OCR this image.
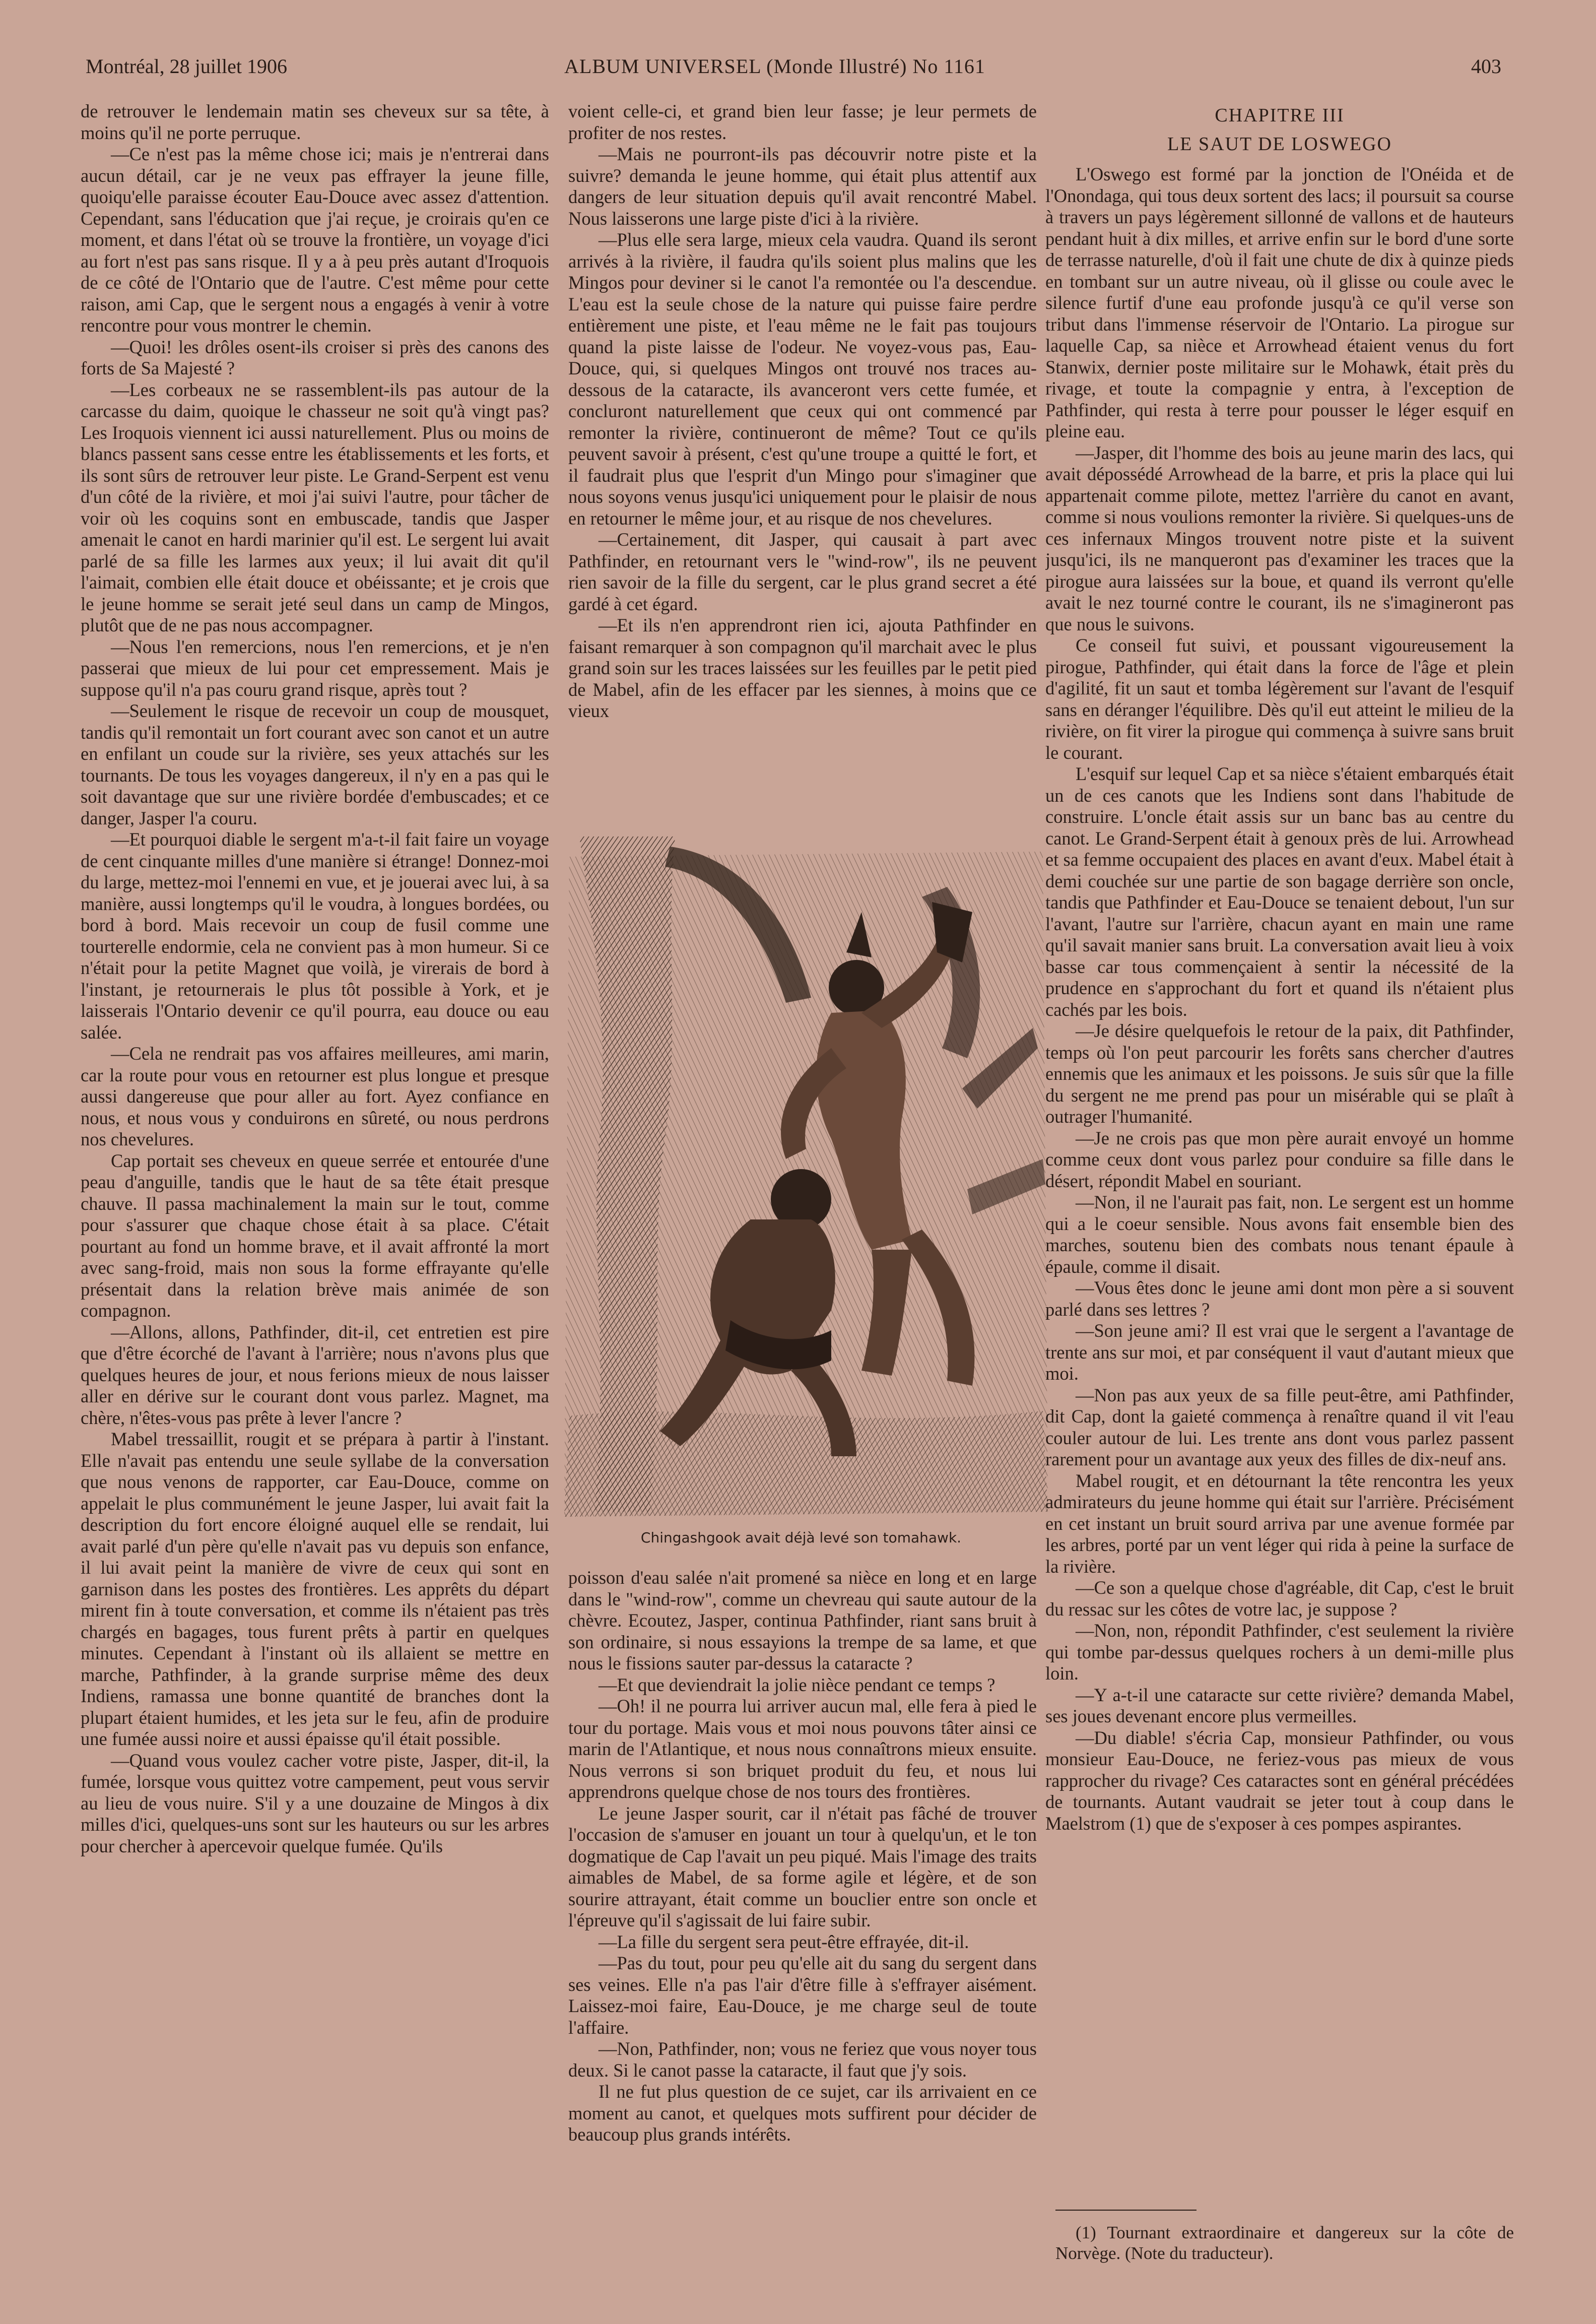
Montréal, 28 juillet 1906	ALBUM UNIVERSEL (Monde Illustré) No 1161	403

de retrouver le lendemain matin ses cheveux sur sa tête, à moins qu'il ne porte perruque.

—Ce n'est pas la même chose ici; mais je n'entrerai dans aucun détail, car je ne veux pas effrayer la jeune fille, quoiqu'elle paraisse écouter Eau-Douce avec assez d'attention. Cependant, sans l'éducation que j'ai reçue, je croirais qu'en ce moment, et dans l'état où se trouve la frontière, un voyage d'ici au fort n'est pas sans risque. Il y a à peu près autant d'Iroquois de ce côté de l'Ontario que de l'autre. C'est même pour cette raison, ami Cap, que le sergent nous a engagés à venir à votre rencontre pour vous montrer le chemin.

—Quoi! les drôles osent-ils croiser si près des canons des forts de Sa Majesté ?

—Les corbeaux ne se rassemblent-ils pas autour de la carcasse du daim, quoique le chasseur ne soit qu'à vingt pas? Les Iroquois viennent ici aussi naturellement. Plus ou moins de blancs passent sans cesse entre les établissements et les forts, et ils sont sûrs de retrouver leur piste. Le Grand-Serpent est venu d'un côté de la rivière, et moi j'ai suivi l'autre, pour tâcher de voir où les coquins sont en embuscade, tandis que Jasper amenait le canot en hardi marinier qu'il est. Le sergent lui avait parlé de sa fille les larmes aux yeux; il lui avait dit qu'il l'aimait, combien elle était douce et obéissante; et je crois que le jeune homme se serait jeté seul dans un camp de Mingos, plutôt que de ne pas nous accompagner.

—Nous l'en remercions, nous l'en remercions, et je n'en passerai que mieux de lui pour cet empressement. Mais je suppose qu'il n'a pas couru grand risque, après tout ?

—Seulement le risque de recevoir un coup de mousquet, tandis qu'il remontait un fort courant avec son canot et un autre en enfilant un coude sur la rivière, ses yeux attachés sur les tournants. De tous les voyages dangereux, il n'y en a pas qui le soit davantage que sur une rivière bordée d'embuscades; et ce danger, Jasper l'a couru.

—Et pourquoi diable le sergent m'a-t-il fait faire un voyage de cent cinquante milles d'une manière si étrange! Donnez-moi du large, mettez-moi l'ennemi en vue, et je jouerai avec lui, à sa manière, aussi longtemps qu'il le voudra, à longues bordées, ou bord à bord. Mais recevoir un coup de fusil comme une tourterelle endormie, cela ne convient pas à mon humeur. Si ce n'était pour la petite Magnet que voilà, je virerais de bord à l'instant, je retournerais le plus tôt possible à York, et je laisserais l'Ontario devenir ce qu'il pourra, eau douce ou eau salée.

—Cela ne rendrait pas vos affaires meilleures, ami marin, car la route pour vous en retourner est plus longue et presque aussi dangereuse que pour aller au fort. Ayez confiance en nous, et nous vous y conduirons en sûreté, ou nous perdrons nos chevelures.

Cap portait ses cheveux en queue serrée et entourée d'une peau d'anguille, tandis que le haut de sa tête était presque chauve. Il passa machinalement la main sur le tout, comme pour s'assurer que chaque chose était à sa place. C'était pourtant au fond un homme brave, et il avait affronté la mort avec sang-froid, mais non sous la forme effrayante qu'elle présentait dans la relation brève mais animée de son compagnon.

—Allons, allons, Pathfinder, dit-il, cet entretien est pire que d'être écorché de l'avant à l'arrière; nous n'avons plus que quelques heures de jour, et nous ferions mieux de nous laisser aller en dérive sur le courant dont vous parlez. Magnet, ma chère, n'êtes-vous pas prête à lever l'ancre ?

Mabel tressaillit, rougit et se prépara à partir à l'instant. Elle n'avait pas entendu une seule syllabe de la conversation que nous venons de rapporter, car Eau-Douce, comme on appelait le plus communément le jeune Jasper, lui avait fait la description du fort encore éloigné auquel elle se rendait, lui avait parlé d'un père qu'elle n'avait pas vu depuis son enfance, il lui avait peint la manière de vivre de ceux qui sont en garnison dans les postes des frontières. Les apprêts du départ mirent fin à toute conversation, et comme ils n'étaient pas très chargés en bagages, tous furent prêts à partir en quelques minutes. Cependant à l'instant où ils allaient se mettre en marche, Pathfinder, à la grande surprise même des deux Indiens, ramassa une bonne quantité de branches dont la plupart étaient humides, et les jeta sur le feu, afin de produire une fumée aussi noire et aussi épaisse qu'il était possible.

—Quand vous voulez cacher votre piste, Jasper, dit-il, la fumée, lorsque vous quittez votre campement, peut vous servir au lieu de vous nuire. S'il y a une douzaine de Mingos à dix milles d'ici, quelques-uns sont sur les hauteurs ou sur les arbres pour chercher à apercevoir quelque fumée. Qu'ils

voient celle-ci, et grand bien leur fasse; je leur permets de profiter de nos restes.

—Mais ne pourront-ils pas découvrir notre piste et la suivre? demanda le jeune homme, qui était plus attentif aux dangers de leur situation depuis qu'il avait rencontré Mabel. Nous laisserons une large piste d'ici à la rivière.

—Plus elle sera large, mieux cela vaudra. Quand ils seront arrivés à la rivière, il faudra qu'ils soient plus malins que les Mingos pour deviner si le canot l'a remontée ou l'a descendue. L'eau est la seule chose de la nature qui puisse faire perdre entièrement une piste, et l'eau même ne le fait pas toujours quand la piste laisse de l'odeur. Ne voyez-vous pas, Eau-Douce, qui, si quelques Mingos ont trouvé nos traces au-dessous de la cataracte, ils avanceront vers cette fumée, et concluront naturellement que ceux qui ont commencé par remonter la rivière, continueront de même? Tout ce qu'ils peuvent savoir à présent, c'est qu'une troupe a quitté le fort, et il faudrait plus que l'esprit d'un Mingo pour s'imaginer que nous soyons venus jusqu'ici uniquement pour le plaisir de nous en retourner le même jour, et au risque de nos chevelures.

—Certainement, dit Jasper, qui causait à part avec Pathfinder, en retournant vers le "wind-row", ils ne peuvent rien savoir de la fille du sergent, car le plus grand secret a été gardé à cet égard.

—Et ils n'en apprendront rien ici, ajouta Pathfinder en faisant remarquer à son compagnon qu'il marchait avec le plus grand soin sur les traces laissées sur les feuilles par le petit pied de Mabel, afin de les effacer par les siennes, à moins que ce vieux

Chingashgook avait déjà levé son tomahawk.

poisson d'eau salée n'ait promené sa nièce en long et en large dans le "wind-row", comme un chevreau qui saute autour de la chèvre. Ecoutez, Jasper, continua Pathfinder, riant sans bruit à son ordinaire, si nous essayions la trempe de sa lame, et que nous le fissions sauter par-dessus la cataracte ?

—Et que deviendrait la jolie nièce pendant ce temps ?

—Oh! il ne pourra lui arriver aucun mal, elle fera à pied le tour du portage. Mais vous et moi nous pouvons tâter ainsi ce marin de l'Atlantique, et nous nous connaîtrons mieux ensuite. Nous verrons si son briquet produit du feu, et nous lui apprendrons quelque chose de nos tours des frontières.

Le jeune Jasper sourit, car il n'était pas fâché de trouver l'occasion de s'amuser en jouant un tour à quelqu'un, et le ton dogmatique de Cap l'avait un peu piqué. Mais l'image des traits aimables de Mabel, de sa forme agile et légère, et de son sourire attrayant, était comme un bouclier entre son oncle et l'épreuve qu'il s'agissait de lui faire subir.

—La fille du sergent sera peut-être effrayée, dit-il.

—Pas du tout, pour peu qu'elle ait du sang du sergent dans ses veines. Elle n'a pas l'air d'être fille à s'effrayer aisément. Laissez-moi faire, Eau-Douce, je me charge seul de toute l'affaire.

—Non, Pathfinder, non; vous ne feriez que vous noyer tous deux. Si le canot passe la cataracte, il faut que j'y sois.

Il ne fut plus question de ce sujet, car ils arrivaient en ce moment au canot, et quelques mots suffirent pour décider de beaucoup plus grands intérêts.

CHAPITRE III
LE SAUT DE LOSWEGO

L'Oswego est formé par la jonction de l'Onéida et de l'Onondaga, qui tous deux sortent des lacs; il poursuit sa course à travers un pays légèrement sillonné de vallons et de hauteurs pendant huit à dix milles, et arrive enfin sur le bord d'une sorte de terrasse naturelle, d'où il fait une chute de dix à quinze pieds en tombant sur un autre niveau, où il glisse ou coule avec le silence furtif d'une eau profonde jusqu'à ce qu'il verse son tribut dans l'immense réservoir de l'Ontario. La pirogue sur laquelle Cap, sa nièce et Arrowhead étaient venus du fort Stanwix, dernier poste militaire sur le Mohawk, était près du rivage, et toute la compagnie y entra, à l'exception de Pathfinder, qui resta à terre pour pousser le léger esquif en pleine eau.

—Jasper, dit l'homme des bois au jeune marin des lacs, qui avait dépossédé Arrowhead de la barre, et pris la place qui lui appartenait comme pilote, mettez l'arrière du canot en avant, comme si nous voulions remonter la rivière. Si quelques-uns de ces infernaux Mingos trouvent notre piste et la suivent jusqu'ici, ils ne manqueront pas d'examiner les traces que la pirogue aura laissées sur la boue, et quand ils verront qu'elle avait le nez tourné contre le courant, ils ne s'imagineront pas que nous le suivons.

Ce conseil fut suivi, et poussant vigoureusement la pirogue, Pathfinder, qui était dans la force de l'âge et plein d'agilité, fit un saut et tomba légèrement sur l'avant de l'esquif sans en déranger l'équilibre. Dès qu'il eut atteint le milieu de la rivière, on fit virer la pirogue qui commença à suivre sans bruit le courant.

L'esquif sur lequel Cap et sa nièce s'étaient embarqués était un de ces canots que les Indiens sont dans l'habitude de construire. L'oncle était assis sur un banc bas au centre du canot. Le Grand-Serpent était à genoux près de lui. Arrowhead et sa femme occupaient des places en avant d'eux. Mabel était à demi couchée sur une partie de son bagage derrière son oncle, tandis que Pathfinder et Eau-Douce se tenaient debout, l'un sur l'avant, l'autre sur l'arrière, chacun ayant en main une rame qu'il savait manier sans bruit. La conversation avait lieu à voix basse car tous commençaient à sentir la nécessité de la prudence en s'approchant du fort et quand ils n'étaient plus cachés par les bois.

—Je désire quelquefois le retour de la paix, dit Pathfinder, temps où l'on peut parcourir les forêts sans chercher d'autres ennemis que les animaux et les poissons. Je suis sûr que la fille du sergent ne me prend pas pour un misérable qui se plaît à outrager l'humanité.

—Je ne crois pas que mon père aurait envoyé un homme comme ceux dont vous parlez pour conduire sa fille dans le désert, répondit Mabel en souriant.

—Non, il ne l'aurait pas fait, non. Le sergent est un homme qui a le coeur sensible. Nous avons fait ensemble bien des marches, soutenu bien des combats nous tenant épaule à épaule, comme il disait.

—Vous êtes donc le jeune ami dont mon père a si souvent parlé dans ses lettres ?

—Son jeune ami? Il est vrai que le sergent a l'avantage de trente ans sur moi, et par conséquent il vaut d'autant mieux que moi.

—Non pas aux yeux de sa fille peut-être, ami Pathfinder, dit Cap, dont la gaieté commença à renaître quand il vit l'eau couler autour de lui. Les trente ans dont vous parlez passent rarement pour un avantage aux yeux des filles de dix-neuf ans.

Mabel rougit, et en détournant la tête rencontra les yeux admirateurs du jeune homme qui était sur l'arrière. Précisément en cet instant un bruit sourd arriva par une avenue formée par les arbres, porté par un vent léger qui rida à peine la surface de la rivière.

—Ce son a quelque chose d'agréable, dit Cap, c'est le bruit du ressac sur les côtes de votre lac, je suppose ?

—Non, non, répondit Pathfinder, c'est seulement la rivière qui tombe par-dessus quelques rochers à un demi-mille plus loin.

—Y a-t-il une cataracte sur cette rivière? demanda Mabel, ses joues devenant encore plus vermeilles.

—Du diable! s'écria Cap, monsieur Pathfinder, ou vous monsieur Eau-Douce, ne feriez-vous pas mieux de vous rapprocher du rivage? Ces cataractes sont en général précédées de tournants. Autant vaudrait se jeter tout à coup dans le Maelstrom (1) que de s'exposer à ces pompes aspirantes.

(1) Tournant extraordinaire et dangereux sur la côte de Norvège. (Note du traducteur).
